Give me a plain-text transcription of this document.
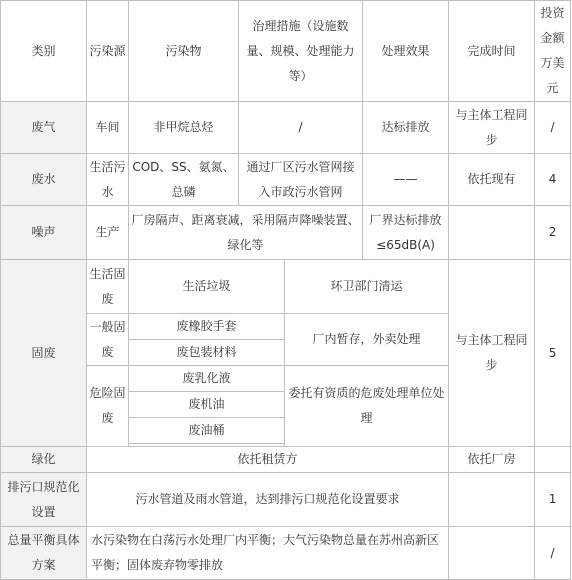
类别	污染源	污染物	治理措施（设施数量、规模、处理能力等）		处理效果	完成时间	投资金额万美元
废气	车间	非甲烷总烃	/		达标排放	与主体工程同步	/
废水	生活污水	COD、SS、氨氮、总磷	通过厂区污水管网接入市政污水管网		——	依托现有	4
噪声	生产	厂房隔声、距离衰减，采用隔声降噪装置、绿化等			厂界达标排放≤65dB(A)		2
固废	生活固废	生活垃圾		环卫部门清运		与主体工程同步	5
	一般固废	废橡胶手套		厂内暂存，外卖处理			
		废包装材料					
	危险固废	废乳化液		委托有资质的危废处理单位处理			
		废机油					
		废油桶					

绿化	依托租赁方					依托厂房	
排污口规范化设置	污水管道及雨水管道，达到排污口规范化设置要求						1
总量平衡具体方案	水污染物在白荡污水处理厂内平衡；大气污染物总量在苏州高新区平衡；固体废弃物零排放						/
